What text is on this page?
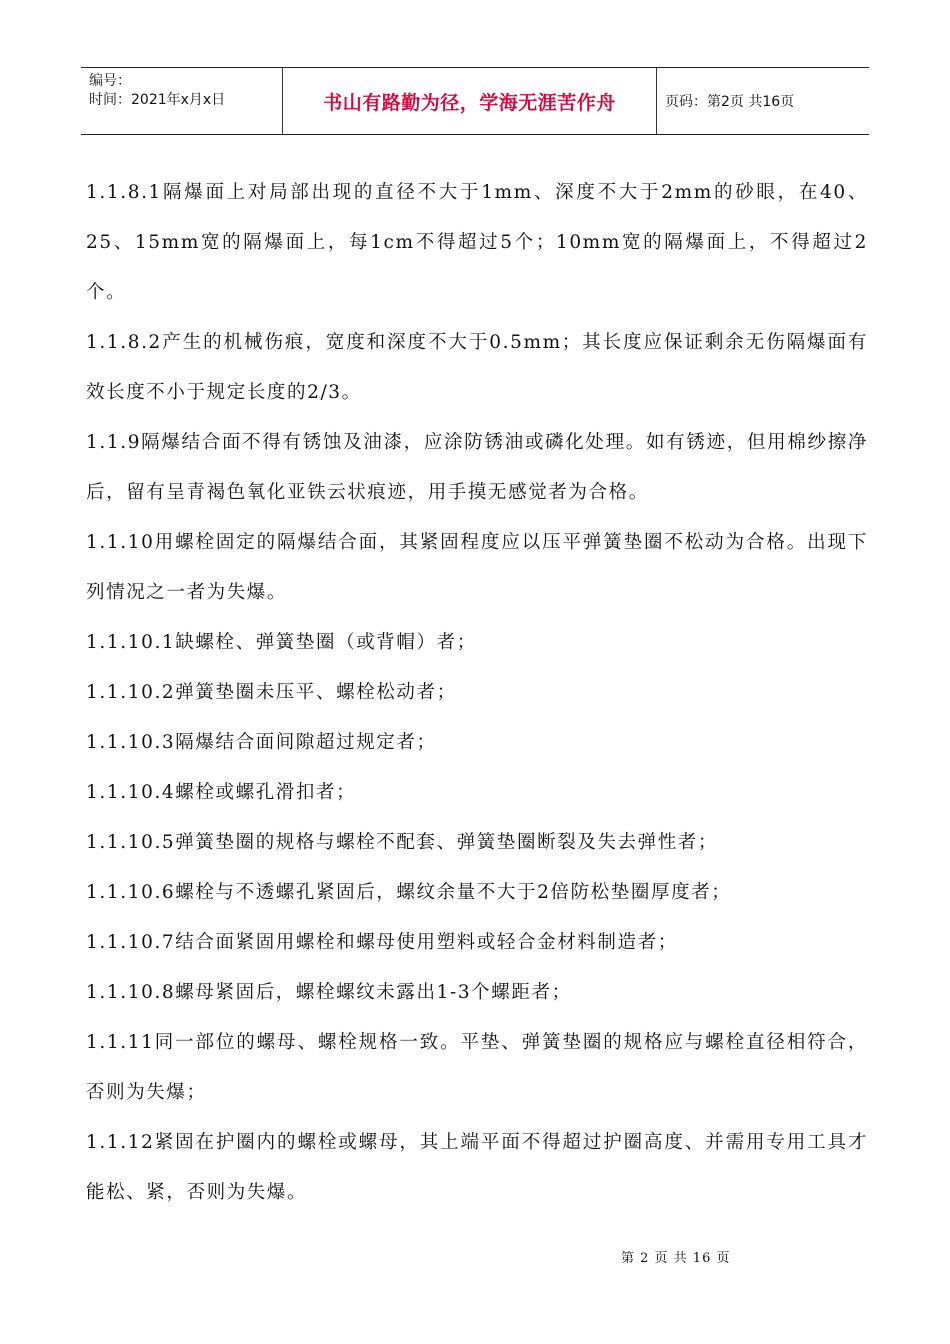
编号：
时间：2021年x月x日	书山有路勤为径，学海无涯苦作舟	页码：第2页 共16页

1.1.8.1隔爆面上对局部出现的直径不大于1mm、深度不大于2mm的砂眼，在40、25、15mm宽的隔爆面上，每1cm不得超过5个；10mm宽的隔爆面上，不得超过2个。

1.1.8.2产生的机械伤痕，宽度和深度不大于0.5mm；其长度应保证剩余无伤隔爆面有效长度不小于规定长度的2/3。

1.1.9隔爆结合面不得有锈蚀及油漆，应涂防锈油或磷化处理。如有锈迹，但用棉纱擦净后，留有呈青褐色氧化亚铁云状痕迹，用手摸无感觉者为合格。

1.1.10用螺栓固定的隔爆结合面，其紧固程度应以压平弹簧垫圈不松动为合格。出现下列情况之一者为失爆。

1.1.10.1缺螺栓、弹簧垫圈（或背帽）者；

1.1.10.2弹簧垫圈未压平、螺栓松动者；

1.1.10.3隔爆结合面间隙超过规定者；

1.1.10.4螺栓或螺孔滑扣者；

1.1.10.5弹簧垫圈的规格与螺栓不配套、弹簧垫圈断裂及失去弹性者；

1.1.10.6螺栓与不透螺孔紧固后，螺纹余量不大于2倍防松垫圈厚度者；

1.1.10.7结合面紧固用螺栓和螺母使用塑料或轻合金材料制造者；

1.1.10.8螺母紧固后，螺栓螺纹未露出1-3个螺距者；

1.1.11同一部位的螺母、螺栓规格一致。平垫、弹簧垫圈的规格应与螺栓直径相符合，否则为失爆；

1.1.12紧固在护圈内的螺栓或螺母，其上端平面不得超过护圈高度、并需用专用工具才能松、紧，否则为失爆。

第 2 页 共 16 页
